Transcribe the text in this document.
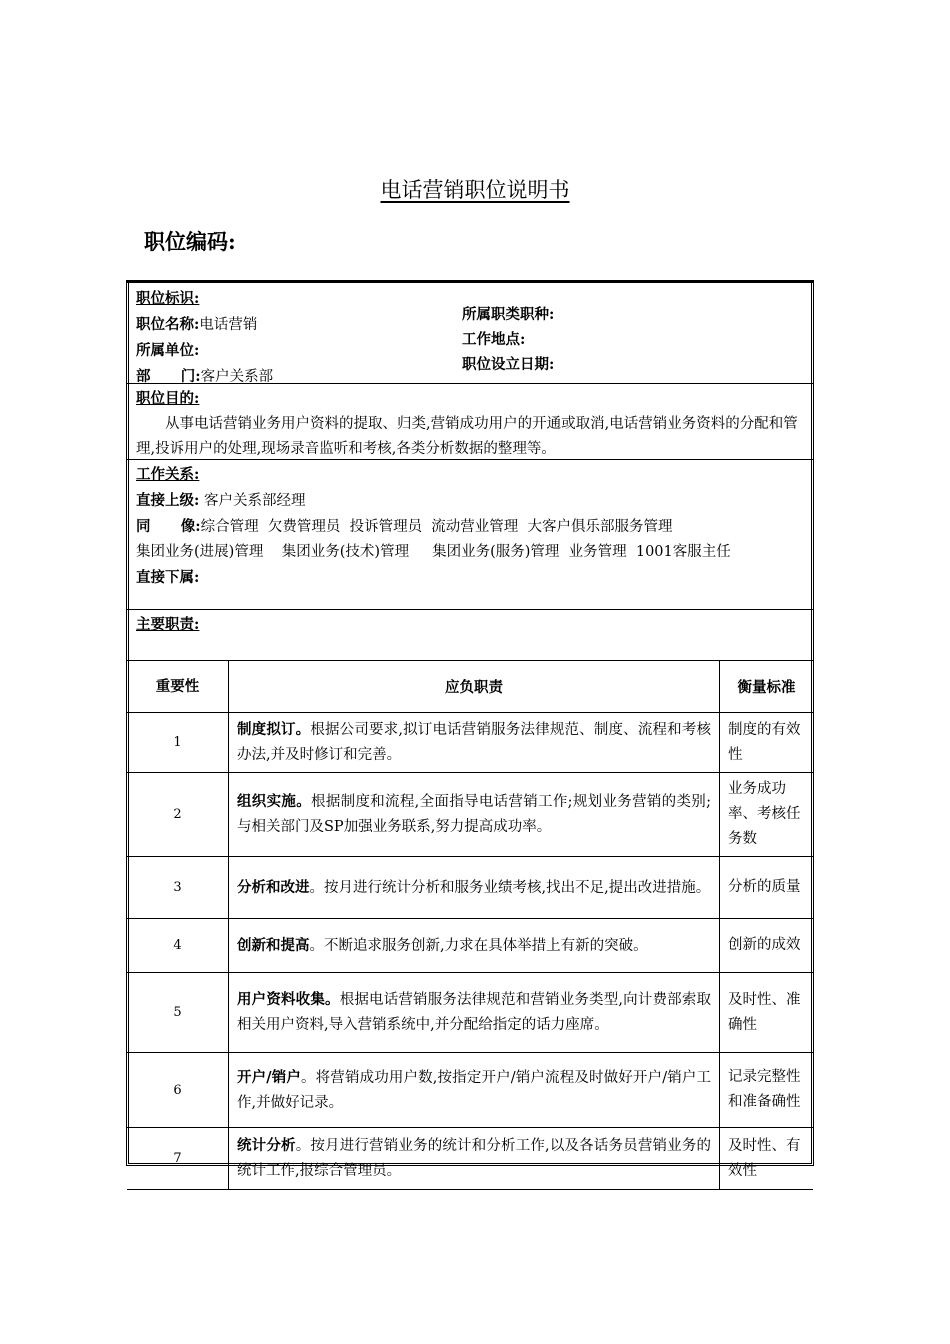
电话营销职位说明书
职位编码:
职位标识:
职位名称:电话营销
所属单位:
部      门:客户关系部
所属职类职种:
工作地点:
职位设立日期:
职位目的:
从事电话营销业务用户资料的提取、归类,营销成功用户的开通或取消,电话营销业务资料的分配和管理,投诉用户的处理,现场录音监听和考核,各类分析数据的整理等。
工作关系:
直接上级: 客户关系部经理
同      像:综合管理  欠费管理员  投诉管理员  流动营业管理  大客户俱乐部服务管理
集团业务(进展)管理    集团业务(技术)管理     集团业务(服务)管理  业务管理  1001客服主任
直接下属:
主要职责:
重要性	应负职责	衡量标准
1	制度拟订。根据公司要求,拟订电话营销服务法律规范、制度、流程和考核办法,并及时修订和完善。	制度的有效性
2	组织实施。根据制度和流程,全面指导电话营销工作;规划业务营销的类别;与相关部门及SP加强业务联系,努力提高成功率。	业务成功率、考核任务数
3	分析和改进。按月进行统计分析和服务业绩考核,找出不足,提出改进措施。	分析的质量
4	创新和提高。不断追求服务创新,力求在具体举措上有新的突破。	创新的成效
5	用户资料收集。根据电话营销服务法律规范和营销业务类型,向计费部索取相关用户资料,导入营销系统中,并分配给指定的话力座席。	及时性、准确性
6	开户/销户。将营销成功用户数,按指定开户/销户流程及时做好开户/销户工作,并做好记录。	记录完整性和准备确性
7	统计分析。按月进行营销业务的统计和分析工作,以及各话务员营销业务的统计工作,报综合管理员。	及时性、有效性
